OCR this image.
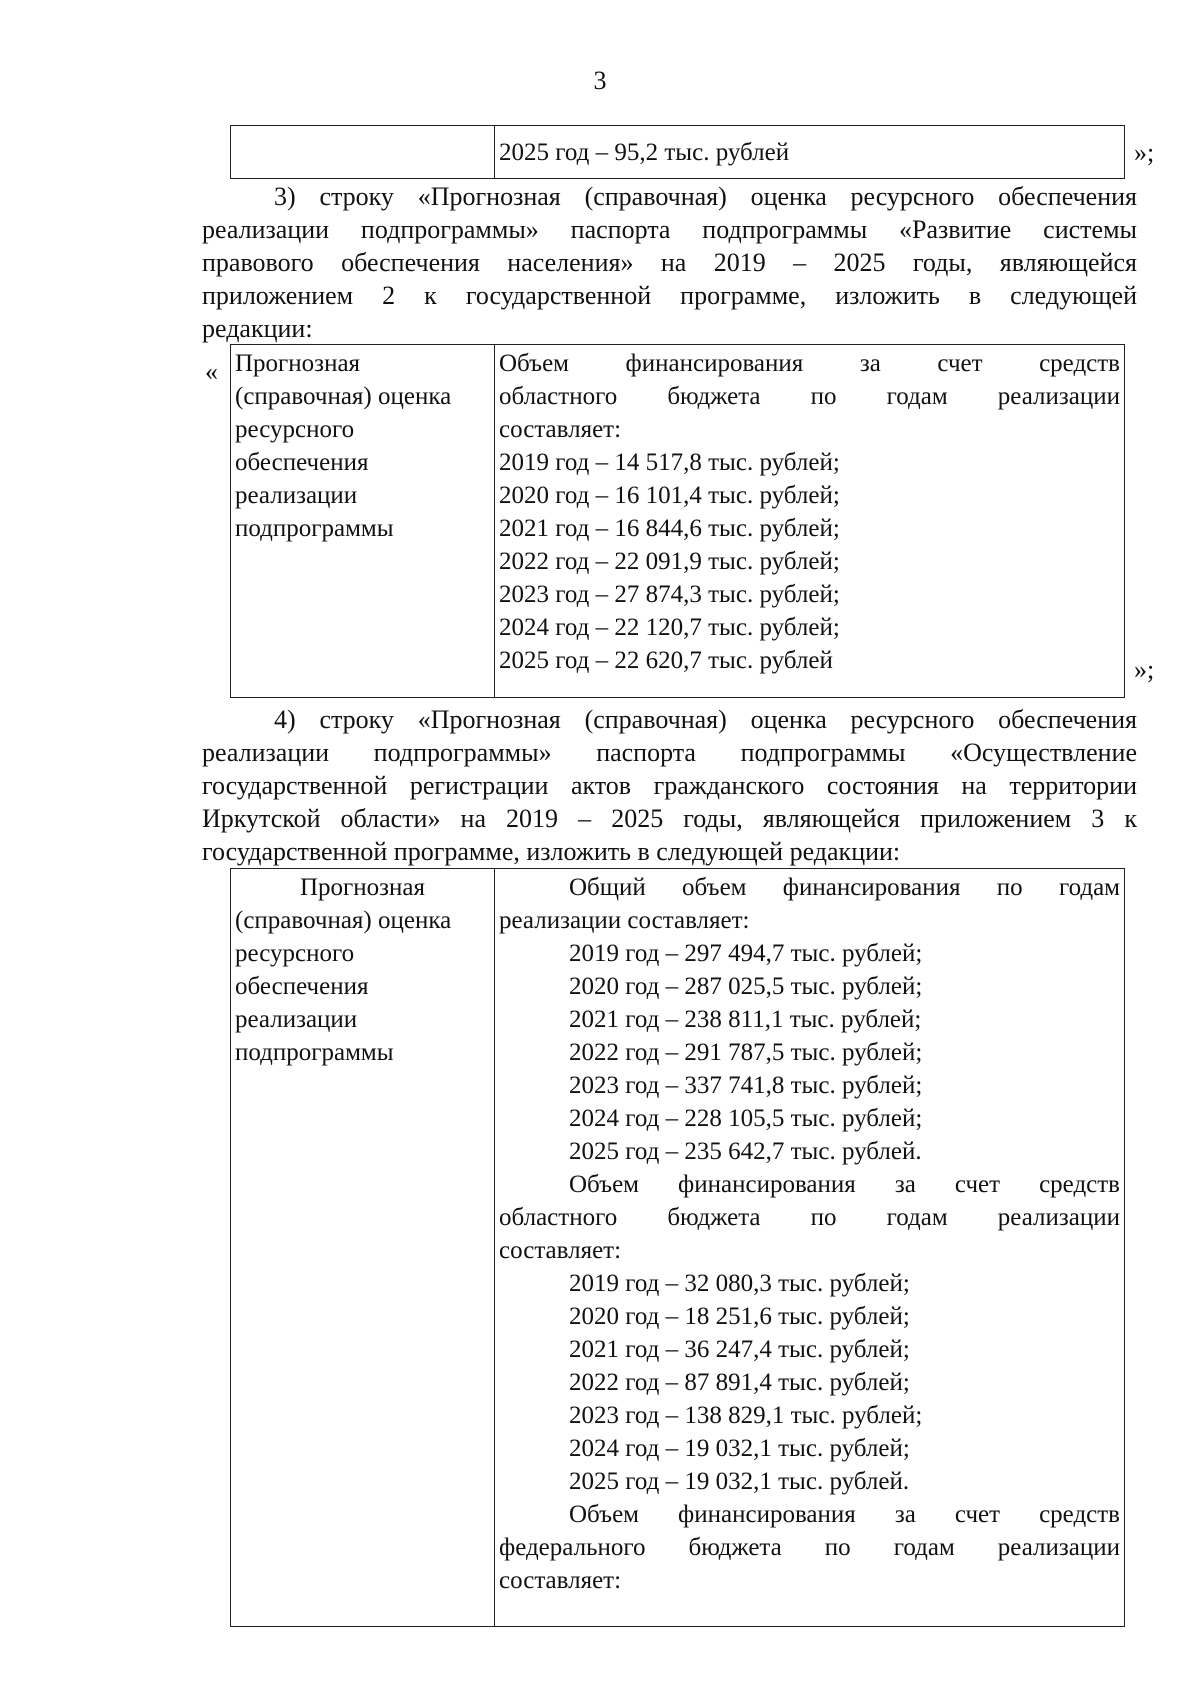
3
	2025 год – 95,2 тыс. рублей	»;
3) строку «Прогнозная (справочная) оценка ресурсного обеспечения
реализации подпрограммы» паспорта подпрограммы «Развитие системы
правового обеспечения населения» на 2019 – 2025 годы, являющейся
приложением 2 к государственной программе, изложить в следующей
редакции:
« Прогнозная
(справочная) оценка
ресурсного
обеспечения
реализации
подпрограммы

Объем финансирования за счет средств
областного бюджета по годам реализации
составляет:
2019 год – 14 517,8 тыс. рублей;
2020 год – 16 101,4 тыс. рублей;
2021 год – 16 844,6 тыс. рублей;
2022 год – 22 091,9 тыс. рублей;
2023 год – 27 874,3 тыс. рублей;
2024 год – 22 120,7 тыс. рублей;
2025 год – 22 620,7 тыс. рублей	»;
4) строку «Прогнозная (справочная) оценка ресурсного обеспечения
реализации подпрограммы» паспорта подпрограммы «Осуществление
государственной регистрации актов гражданского состояния на территории
Иркутской области» на 2019 – 2025 годы, являющейся приложением 3 к
государственной программе, изложить в следующей редакции:
Прогнозная
(справочная) оценка
ресурсного
обеспечения
реализации
подпрограммы

Общий объем финансирования по годам
реализации составляет:
2019 год – 297 494,7 тыс. рублей;
2020 год – 287 025,5 тыс. рублей;
2021 год – 238 811,1 тыс. рублей;
2022 год – 291 787,5 тыс. рублей;
2023 год – 337 741,8 тыс. рублей;
2024 год – 228 105,5 тыс. рублей;
2025 год – 235 642,7 тыс. рублей.
Объем финансирования за счет средств
областного бюджета по годам реализации
составляет:
2019 год – 32 080,3 тыс. рублей;
2020 год – 18 251,6 тыс. рублей;
2021 год – 36 247,4 тыс. рублей;
2022 год – 87 891,4 тыс. рублей;
2023 год – 138 829,1 тыс. рублей;
2024 год – 19 032,1 тыс. рублей;
2025 год – 19 032,1 тыс. рублей.
Объем финансирования за счет средств
федерального бюджета по годам реализации
составляет:
